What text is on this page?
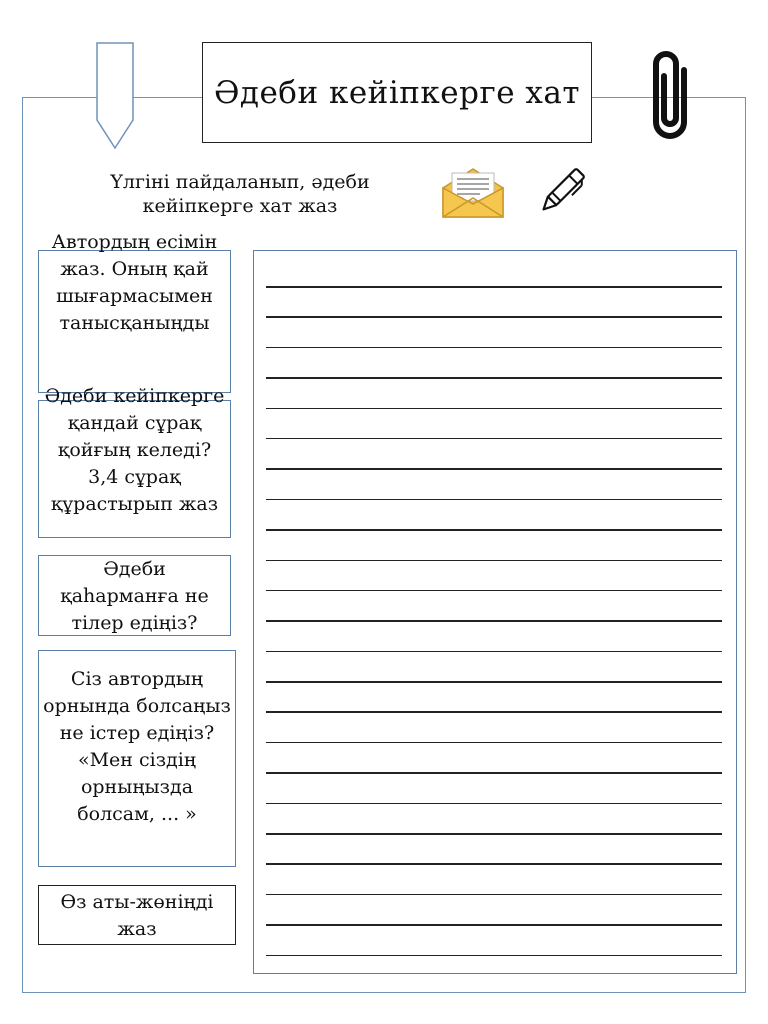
Әдеби кейіпкерге хат
Үлгіні пайдаланып, әдеби кейіпкерге хат жаз
Автордың есімін жаз. Оның қай шығармасымен танысқаныңды
Әдеби кейіпкерге қандай сұрақ қойғың келеді? 3,4 сұрақ құрастырып жаз
Әдеби қаһарманға не тілер едіңіз?
Сіз автордың орнында болсаңыз не істер едіңіз? «Мен сіздің орныңызда болсам, ... »
Өз аты-жөніңді жаз
